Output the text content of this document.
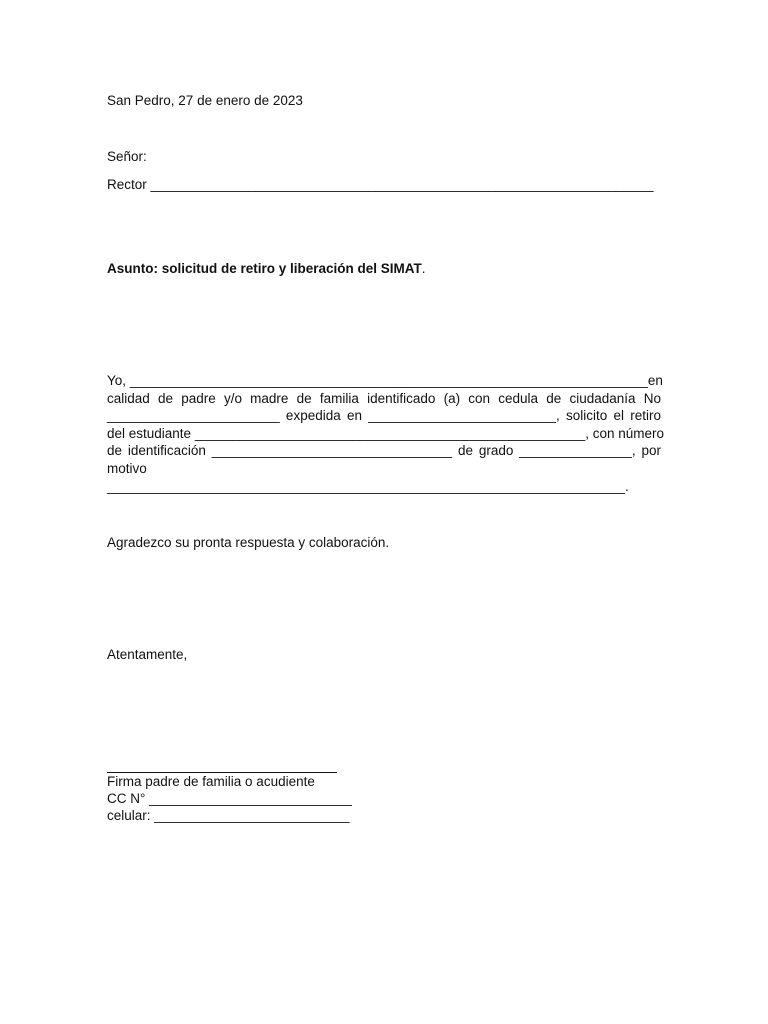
San Pedro, 27 de enero de 2023
Señor:
Rector ___________________________________________________________________
Asunto: solicitud de retiro y liberación del SIMAT.
Yo, _____________________________________________________________________en
calidad de padre y/o madre de familia identificado (a) con cedula de ciudadanía No
_______________________ expedida en _________________________, solicito el retiro
del estudiante ____________________________________________________, con número
de identificación ________________________________ de grado _______________, por
motivo
_____________________________________________________________________.
Agradezco su pronta respuesta y colaboración.
Atentamente,
Firma padre de familia o acudiente
CC N° ___________________________
celular: __________________________
